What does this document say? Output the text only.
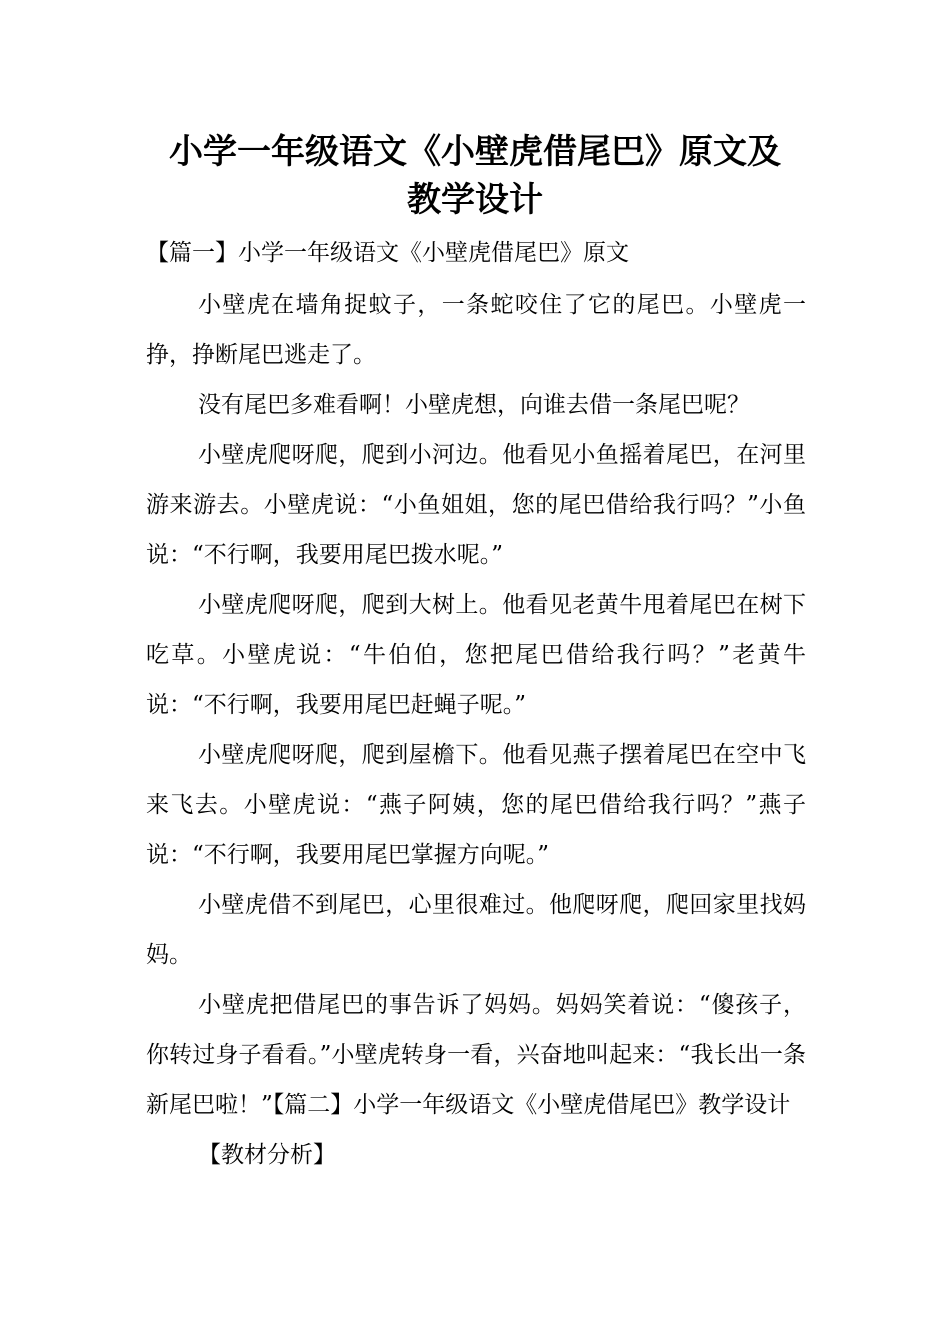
小学一年级语文《小壁虎借尾巴》原文及
教学设计

【篇一】小学一年级语文《小壁虎借尾巴》原文

小壁虎在墙角捉蚊子，一条蛇咬住了它的尾巴。小壁虎一挣，挣断尾巴逃走了。

没有尾巴多难看啊！小壁虎想，向谁去借一条尾巴呢？

小壁虎爬呀爬，爬到小河边。他看见小鱼摇着尾巴，在河里游来游去。小壁虎说：“小鱼姐姐，您的尾巴借给我行吗？”小鱼说：“不行啊，我要用尾巴拨水呢。”

小壁虎爬呀爬，爬到大树上。他看见老黄牛甩着尾巴在树下吃草。小壁虎说：“牛伯伯，您把尾巴借给我行吗？”老黄牛说：“不行啊，我要用尾巴赶蝇子呢。”

小壁虎爬呀爬，爬到屋檐下。他看见燕子摆着尾巴在空中飞来飞去。小壁虎说：“燕子阿姨，您的尾巴借给我行吗？”燕子说：“不行啊，我要用尾巴掌握方向呢。”

小壁虎借不到尾巴，心里很难过。他爬呀爬，爬回家里找妈妈。

小壁虎把借尾巴的事告诉了妈妈。妈妈笑着说：“傻孩子，你转过身子看看。”小壁虎转身一看，兴奋地叫起来：“我长出一条新尾巴啦！”【篇二】小学一年级语文《小壁虎借尾巴》教学设计

【教材分析】
